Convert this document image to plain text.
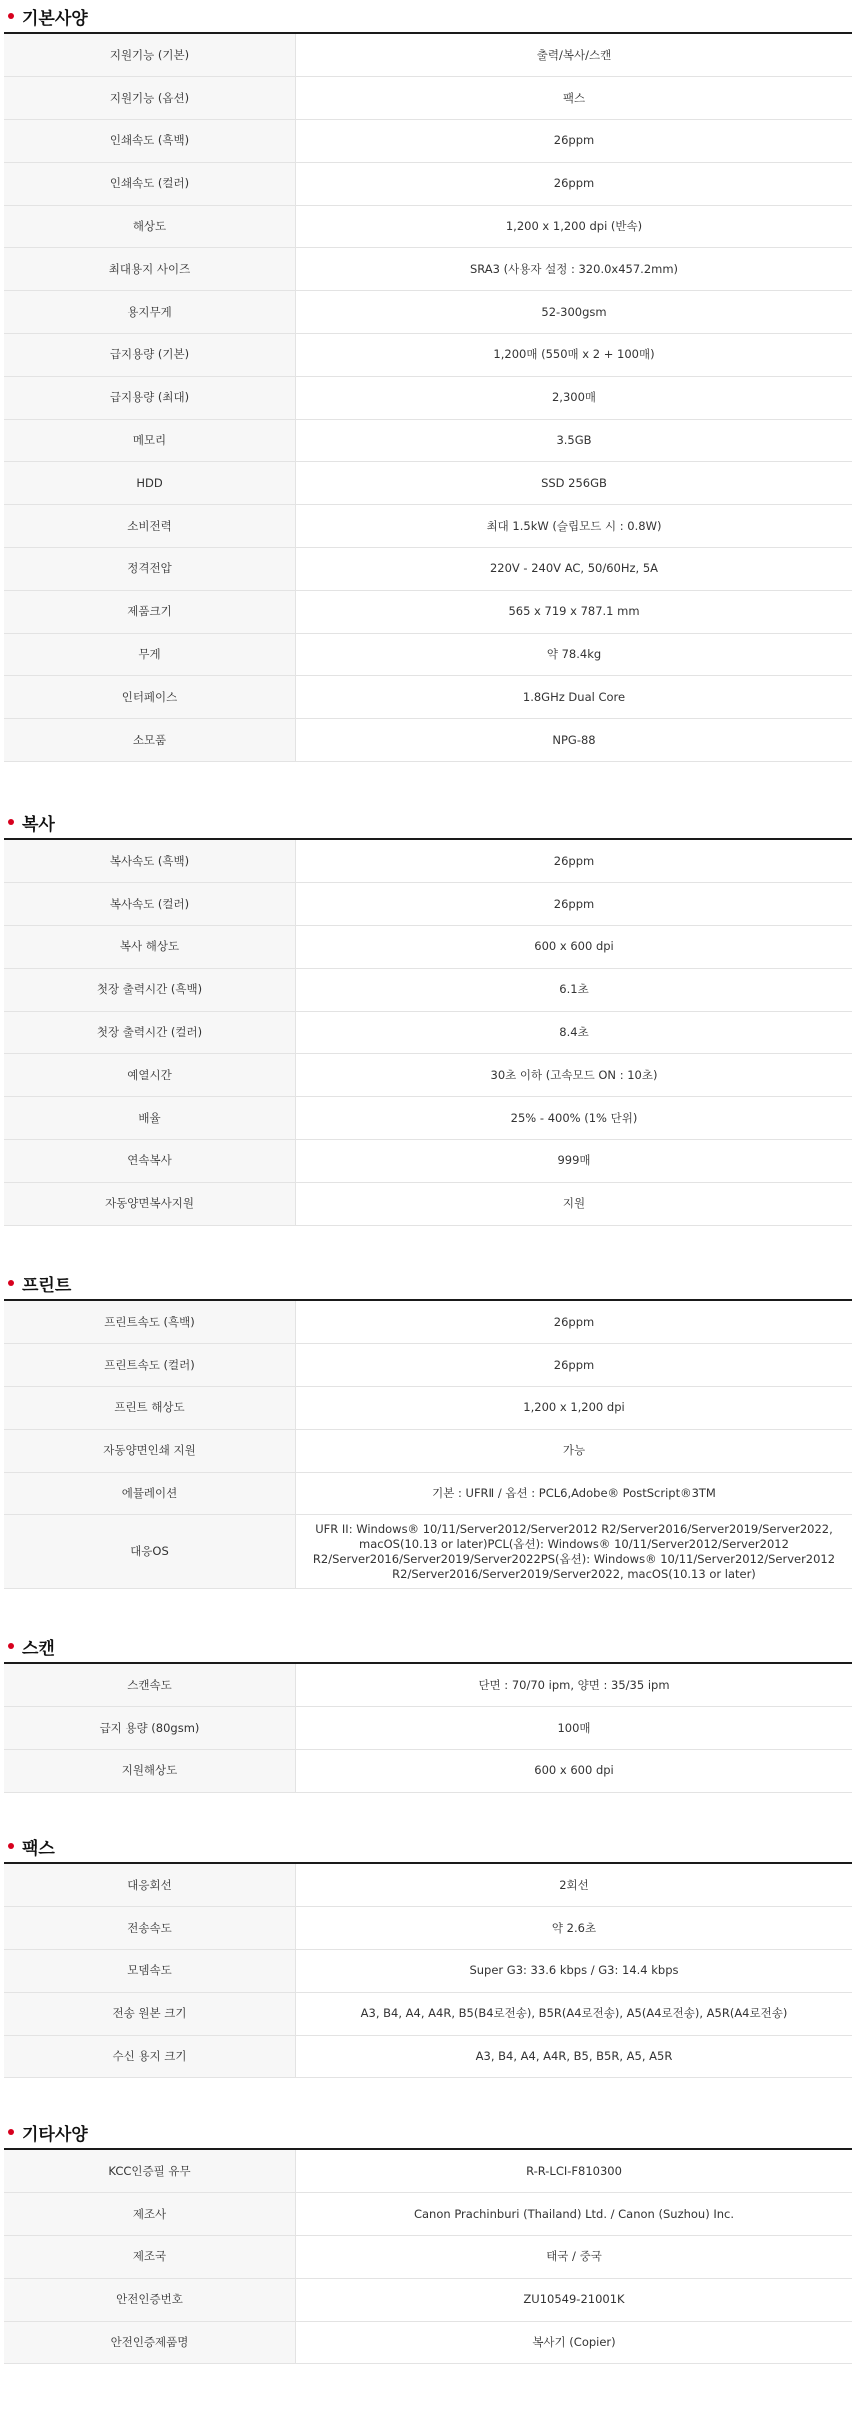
기본사양
지원기능 (기본)	출력/복사/스캔
지원기능 (옵션)	팩스
인쇄속도 (흑백)	26ppm
인쇄속도 (컬러)	26ppm
해상도	1,200 x 1,200 dpi (반속)
최대용지 사이즈	SRA3 (사용자 설정 : 320.0x457.2mm)
용지무게	52-300gsm
급지용량 (기본)	1,200매 (550매 x 2 + 100매)
급지용량 (최대)	2,300매
메모리	3.5GB
HDD	SSD 256GB
소비전력	최대 1.5kW (슬립모드 시 : 0.8W)
정격전압	220V - 240V AC, 50/60Hz, 5A
제품크기	565 x 719 x 787.1 mm
무게	약 78.4kg
인터페이스	1.8GHz Dual Core
소모품	NPG-88
복사
복사속도 (흑백)	26ppm
복사속도 (컬러)	26ppm
복사 해상도	600 x 600 dpi
첫장 출력시간 (흑백)	6.1초
첫장 출력시간 (컬러)	8.4초
예열시간	30초 이하 (고속모드 ON : 10초)
배율	25% - 400% (1% 단위)
연속복사	999매
자동양면복사지원	지원
프린트
프린트속도 (흑백)	26ppm
프린트속도 (컬러)	26ppm
프린트 해상도	1,200 x 1,200 dpi
자동양면인쇄 지원	가능
에뮬레이션	기본 : UFRⅡ / 옵션 : PCL6,Adobe® PostScript®3TM
대응OS	UFR II: Windows® 10/11/Server2012/Server2012 R2/Server2016/Server2019/Server2022, macOS(10.13 or later)PCL(옵션): Windows® 10/11/Server2012/Server2012 R2/Server2016/Server2019/Server2022PS(옵션): Windows® 10/11/Server2012/Server2012 R2/Server2016/Server2019/Server2022, macOS(10.13 or later)
스캔
스캔속도	단면 : 70/70 ipm, 양면 : 35/35 ipm
급지 용량 (80gsm)	100매
지원해상도	600 x 600 dpi
팩스
대응회선	2회선
전송속도	약 2.6초
모뎀속도	Super G3: 33.6 kbps / G3: 14.4 kbps
전송 원본 크기	A3, B4, A4, A4R, B5(B4로전송), B5R(A4로전송), A5(A4로전송), A5R(A4로전송)
수신 용지 크기	A3, B4, A4, A4R, B5, B5R, A5, A5R
기타사양
KCC인증필 유무	R-R-LCI-F810300
제조사	Canon Prachinburi (Thailand) Ltd. / Canon (Suzhou) Inc.
제조국	태국 / 중국
안전인증번호	ZU10549-21001K
안전인증제품명	복사기 (Copier)
